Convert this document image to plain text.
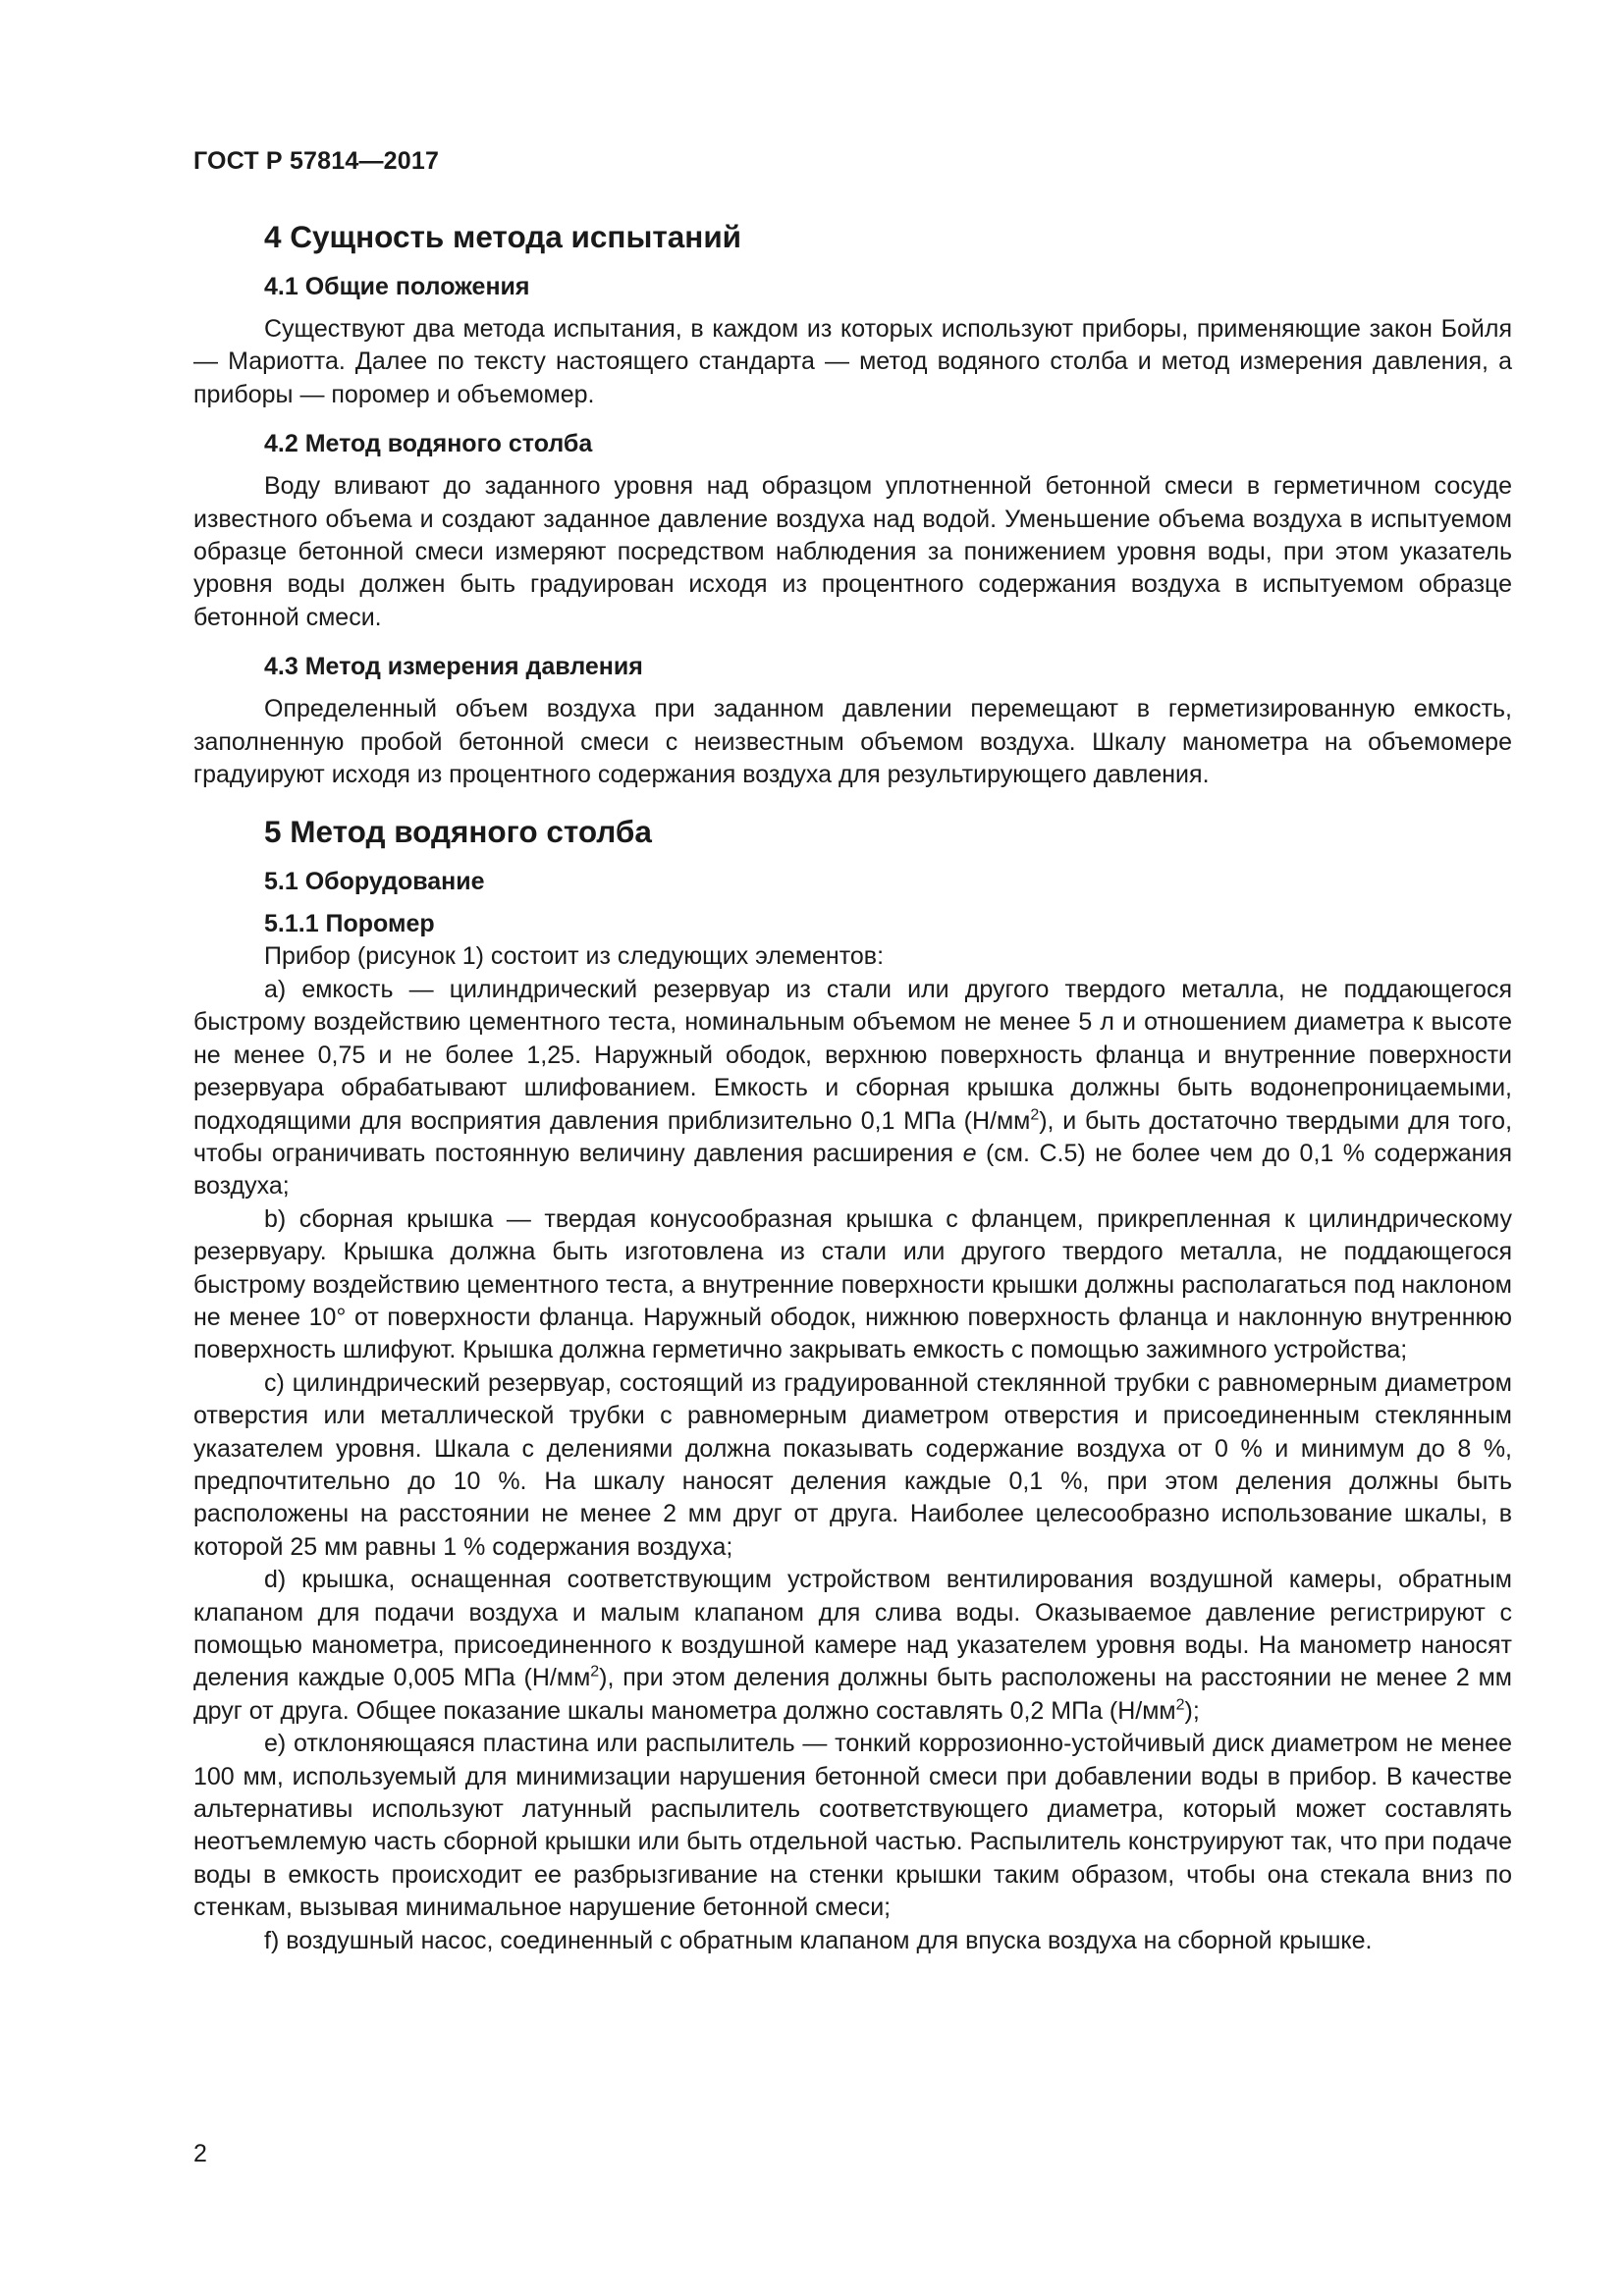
ГОСТ Р 57814—2017
4 Сущность метода испытаний
4.1 Общие положения

Существуют два метода испытания, в каждом из которых используют приборы, применяющие закон Бойля — Мариотта. Далее по тексту настоящего стандарта — метод водяного столба и метод измерения давления, а приборы — поромер и объемомер.

4.2 Метод водяного столба

Воду вливают до заданного уровня над образцом уплотненной бетонной смеси в герметичном сосуде известного объема и создают заданное давление воздуха над водой. Уменьшение объема воздуха в испытуемом образце бетонной смеси измеряют посредством наблюдения за понижением уровня воды, при этом указатель уровня воды должен быть градуирован исходя из процентного содержания воздуха в испытуемом образце бетонной смеси.

4.3 Метод измерения давления

Определенный объем воздуха при заданном давлении перемещают в герметизированную емкость, заполненную пробой бетонной смеси с неизвестным объемом воздуха. Шкалу манометра на объемомере градуируют исходя из процентного содержания воздуха для результирующего давления.

5 Метод водяного столба
5.1 Оборудование
5.1.1 Поромер

Прибор (рисунок 1) состоит из следующих элементов:

a) емкость — цилиндрический резервуар из стали или другого твердого металла, не поддающегося быстрому воздействию цементного теста, номинальным объемом не менее 5 л и отношением диаметра к высоте не менее 0,75 и не более 1,25. Наружный ободок, верхнюю поверхность фланца и внутренние поверхности резервуара обрабатывают шлифованием. Емкость и сборная крышка должны быть водонепроницаемыми, подходящими для восприятия давления приблизительно 0,1 МПа $(Н/мм^2)$, и быть достаточно твердыми для того, чтобы ограничивать постоянную величину давления расширения e (см. С.5) не более чем до 0,1 % содержания воздуха;

b) сборная крышка — твердая конусообразная крышка с фланцем, прикрепленная к цилиндрическому резервуару. Крышка должна быть изготовлена из стали или другого твердого металла, не поддающегося быстрому воздействию цементного теста, а внутренние поверхности крышки должны располагаться под наклоном не менее 10° от поверхности фланца. Наружный ободок, нижнюю поверхность фланца и наклонную внутреннюю поверхность шлифуют. Крышка должна герметично закрывать емкость с помощью зажимного устройства;

c) цилиндрический резервуар, состоящий из градуированной стеклянной трубки с равномерным диаметром отверстия или металлической трубки с равномерным диаметром отверстия и присоединенным стеклянным указателем уровня. Шкала с делениями должна показывать содержание воздуха от 0 % и минимум до 8 %, предпочтительно до 10 %. На шкалу наносят деления каждые 0,1 %, при этом деления должны быть расположены на расстоянии не менее 2 мм друг от друга. Наиболее целесообразно использование шкалы, в которой 25 мм равны 1 % содержания воздуха;

d) крышка, оснащенная соответствующим устройством вентилирования воздушной камеры, обратным клапаном для подачи воздуха и малым клапаном для слива воды. Оказываемое давление регистрируют с помощью манометра, присоединенного к воздушной камере над указателем уровня воды. На манометр наносят деления каждые 0,005 МПа $(Н/мм^2)$, при этом деления должны быть расположены на расстоянии не менее 2 мм друг от друга. Общее показание шкалы манометра должно составлять 0,2 МПа $(Н/мм^2)$;

e) отклоняющаяся пластина или распылитель — тонкий коррозионно-устойчивый диск диаметром не менее 100 мм, используемый для минимизации нарушения бетонной смеси при добавлении воды в прибор. В качестве альтернативы используют латунный распылитель соответствующего диаметра, который может составлять неотъемлемую часть сборной крышки или быть отдельной частью. Распылитель конструируют так, что при подаче воды в емкость происходит ее разбрызгивание на стенки крышки таким образом, чтобы она стекала вниз по стенкам, вызывая минимальное нарушение бетонной смеси;

f) воздушный насос, соединенный с обратным клапаном для впуска воздуха на сборной крышке.

2
